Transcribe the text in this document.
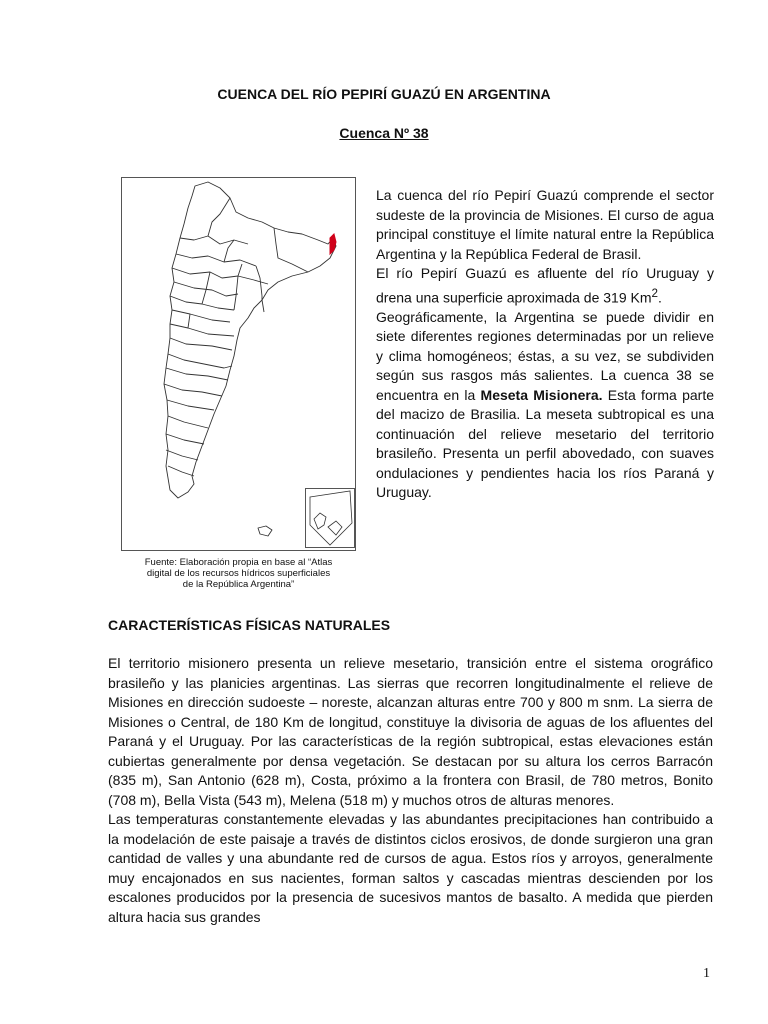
CUENCA DEL RÍO PEPIRÍ GUAZÚ EN ARGENTINA
Cuenca Nº 38
Fuente: Elaboración propia en base al “Atlas
digital de los recursos hídricos superficiales
de la República Argentina”

La cuenca del río Pepirí Guazú comprende el sector sudeste de la provincia de Misiones. El curso de agua principal constituye el límite natural entre la República Argentina y la República Federal de Brasil.

El río Pepirí Guazú es afluente del río Uruguay y drena una superficie aproximada de 319 Km$^2$.

Geográficamente, la Argentina se puede dividir en siete diferentes regiones determinadas por un relieve y clima homogéneos; éstas, a su vez, se subdividen según sus rasgos más salientes. La cuenca 38 se encuentra en la Meseta Misionera. Esta forma parte del macizo de Brasilia. La meseta subtropical es una continuación del relieve mesetario del territorio brasileño. Presenta un perfil abovedado, con suaves ondulaciones y pendientes hacia los ríos Paraná y Uruguay.

CARACTERÍSTICAS FÍSICAS NATURALES

El territorio misionero presenta un relieve mesetario, transición entre el sistema orográfico brasileño y las planicies argentinas. Las sierras que recorren longitudinalmente el relieve de Misiones en dirección sudoeste – noreste, alcanzan alturas entre 700 y 800 m snm. La sierra de Misiones o Central, de 180 Km de longitud, constituye la divisoria de aguas de los afluentes del Paraná y el Uruguay. Por las características de la región subtropical, estas elevaciones están cubiertas generalmente por densa vegetación. Se destacan por su altura los cerros Barracón (835 m), San Antonio (628 m), Costa, próximo a la frontera con Brasil, de 780 metros, Bonito (708 m), Bella Vista (543 m), Melena (518 m) y muchos otros de alturas menores.

Las temperaturas constantemente elevadas y las abundantes precipitaciones han contribuido a la modelación de este paisaje a través de distintos ciclos erosivos, de donde surgieron una gran cantidad de valles y una abundante red de cursos de agua. Estos ríos y arroyos, generalmente muy encajonados en sus nacientes, forman saltos y cascadas mientras descienden por los escalones producidos por la presencia de sucesivos mantos de basalto. A medida que pierden altura hacia sus grandes

1
